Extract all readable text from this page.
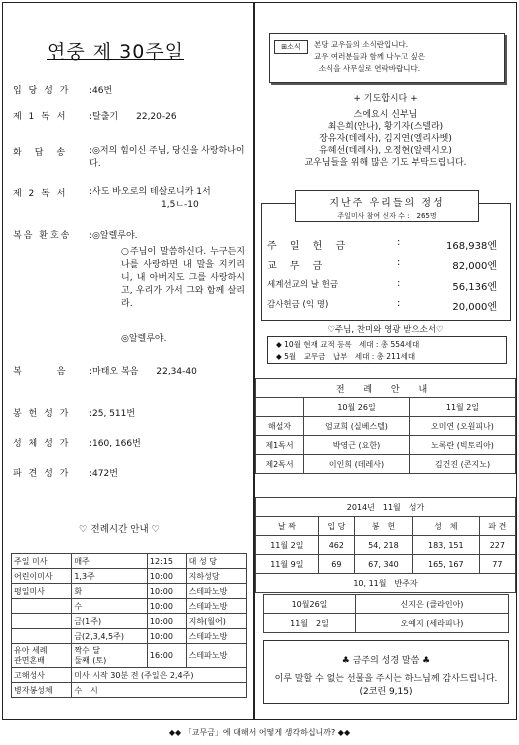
연중 제 30주일
입 당 성 가	:46번
제 1 독 서	:탈출기　　22,20-26
화　답　송	:◎저의 힘이신 주님, 당신을 사랑하나이다.
제 2 독 서	:사도 바오로의 테살로니카 1서
1,5ㄴ-10
복음 환호송	:◎알렐루야.
○주님이 말씀하신다. 누구든지 나를 사랑하면 내 말을 지키리니, 내 아버지도 그를 사랑하시고, 우리가 가서 그와 함께 살리라.
◎알렐루야.
복　　　음	:마태오 복음　　22,34-40
봉 헌 성 가	:25, 511번
성 체 성 가	:160, 166번
파 견 성 가	:472번
♡ 전례시간 안내 ♡
주일 미사	매주	12:15	대 성 당
어린이미사	1,3주	10:00	지하성당
평일미사	화	10:00	스테파노방
	수	10:00	스테파노방
	금(1주)	10:00	지하(월어)
	금(2,3,4,5주)	10:00	스테파노방
유아 세례
관면혼배	짝수 달
둘째 (토)	16:00	스테파노방
고해성사	미사 시작 30분 전 (주일은 2,4주)		
병자봉성체	수　시		
⊞소식	본당 교우들의 소식란입니다.
교우 여러분들과 함께 나누고 싶은
소식을 사무실로 연락바랍니다.
+ 기도합시다 +
스에요시 신부님
최은희(안나), 황기자(스텔라)
장유자(데레사), 김지연(엘리사벳)
유혜선(데레사), 오정현(알렉시오)
교우님들을 위해 많은 기도 부탁드립니다.
지난주 우리들의 정성
주일미사 참여 신자 수 :　265명
주 일 헌 금	:	168,938엔
교 무 금	:	82,000엔
세계선교의 날 헌금	:	56,136엔
감사헌금 (익 명)	:	20,000엔
♡주님, 찬미와 영광 받으소서♡
◆ 10월 현재 교적 등록　세대 : 총 554세대
◆ 5월　교무금　납부　세대 : 총 211세대
전 례 안 내		
	10월 26일	11월 2일
해설자	엄교희 (실베스텔)	오미연 (오원피나)
제1독서	박영근 (요한)	노록란 (빅토리아)
제2독서	이인희 (데레사)	김건진 (콘지노)
2014년　11월　성가				
날 짜	입 당	봉　헌	성　체	파 견
11월 2일	462	54, 218	183, 151	227
11월 9일	69	67, 340	165, 167	77
10, 11월　반주자				
10월26일	신지은 (클라인아)
11월　2일	오예지 (세라피나)
♣ 금주의 성경 말씀 ♣
이루 말할 수 없는 선물을 주시는 하느님께 감사드립니다. (2코린 9,15)
◆◆ 「교무금」에 대해서 어떻게 생각하십니까? ◆◆
